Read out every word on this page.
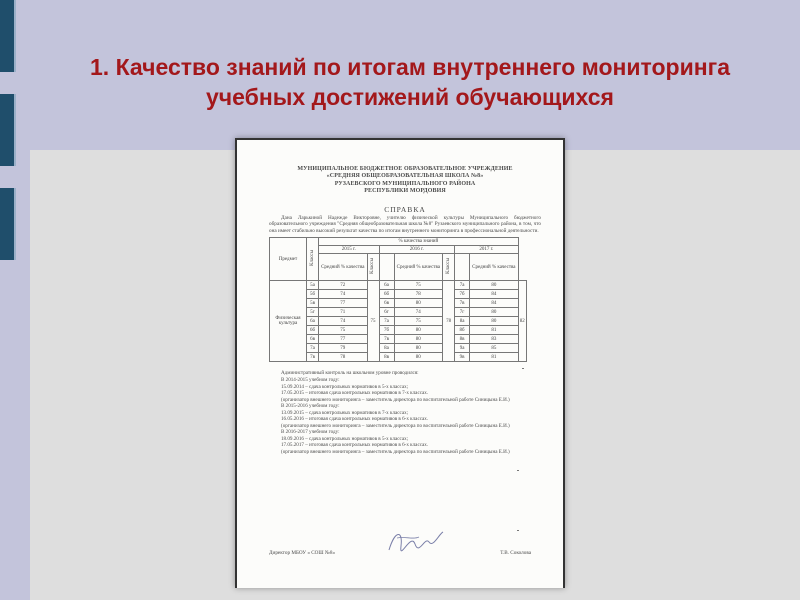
1. Качество знаний по итогам внутреннего мониторинга учебных достижений обучающихся
МУНИЦИПАЛЬНОЕ БЮДЖЕТНОЕ ОБРАЗОВАТЕЛЬНОЕ УЧРЕЖДЕНИЕ
«СРЕДНЯЯ ОБЩЕОБРАЗОВАТЕЛЬНАЯ ШКОЛА №8»
РУЗАЕВСКОГО МУНИЦИПАЛЬНОГО РАЙОНА
РЕСПУБЛИКИ МОРДОВИЯ
СПРАВКА
Дана Ларькиной Надежде Викторовне, учителю физической культуры Муниципального бюджетного образовательного учреждения "Средняя общеобразовательная школа №8" Рузаевского муниципального района, в том, что она имеет стабильно высокий результат качества по итогам внутреннего мониторинга в профессиональной деятельности.
Предмет	Классы	% качества знаний							
		2015 г.		2016 г.			2017 г.		
		Средний % качества	Классы		Средний % качества	Классы		Средний % качества	
Физическая культура	5а	72	75	6а	75	78	7а	80	82
	5б	74		6б	78		7б	84	
	5в	77		6в	80		7в	84	
	5г	71		6г	74		7г	80	
	6а	74		7а	75		8а	80	
	6б	75		7б	80		8б	81	
	6в	77		7в	80		8в	83	
	7а	79		8а	80		9а	85	
	7в	78		8в	80		9в	81	
Административный контроль на школьном уровне проводился:
В 2014-2015 учебном году:
15.09.2014 – сдача контрольных нормативов в 5-х классах;
17.05.2015 – итоговая сдача контрольных нормативов в 7-х классах.
(организатор внешнего мониторинга – заместитель директора по воспитательной работе Синицына Е.И.)
В 2015-2016 учебном году:
13.09.2015 – сдача контрольных нормативов в 7-х классах;
16.05.2016 – итоговая сдача контрольных нормативов в 6-х классах.
(организатор внешнего мониторинга – заместитель директора по воспитательной работе Синицына Е.И.)
В 2016-2017 учебном году:
18.09.2016 – сдача контрольных нормативов в 5-х классах;
17.05.2017 – итоговая сдача контрольных нормативов в 6-х классах.
(организатор внешнего мониторинга – заместитель директора по воспитательной работе Синицына Е.И.)
Директор МБОУ « СОШ №8»	Т.В. Соколова
